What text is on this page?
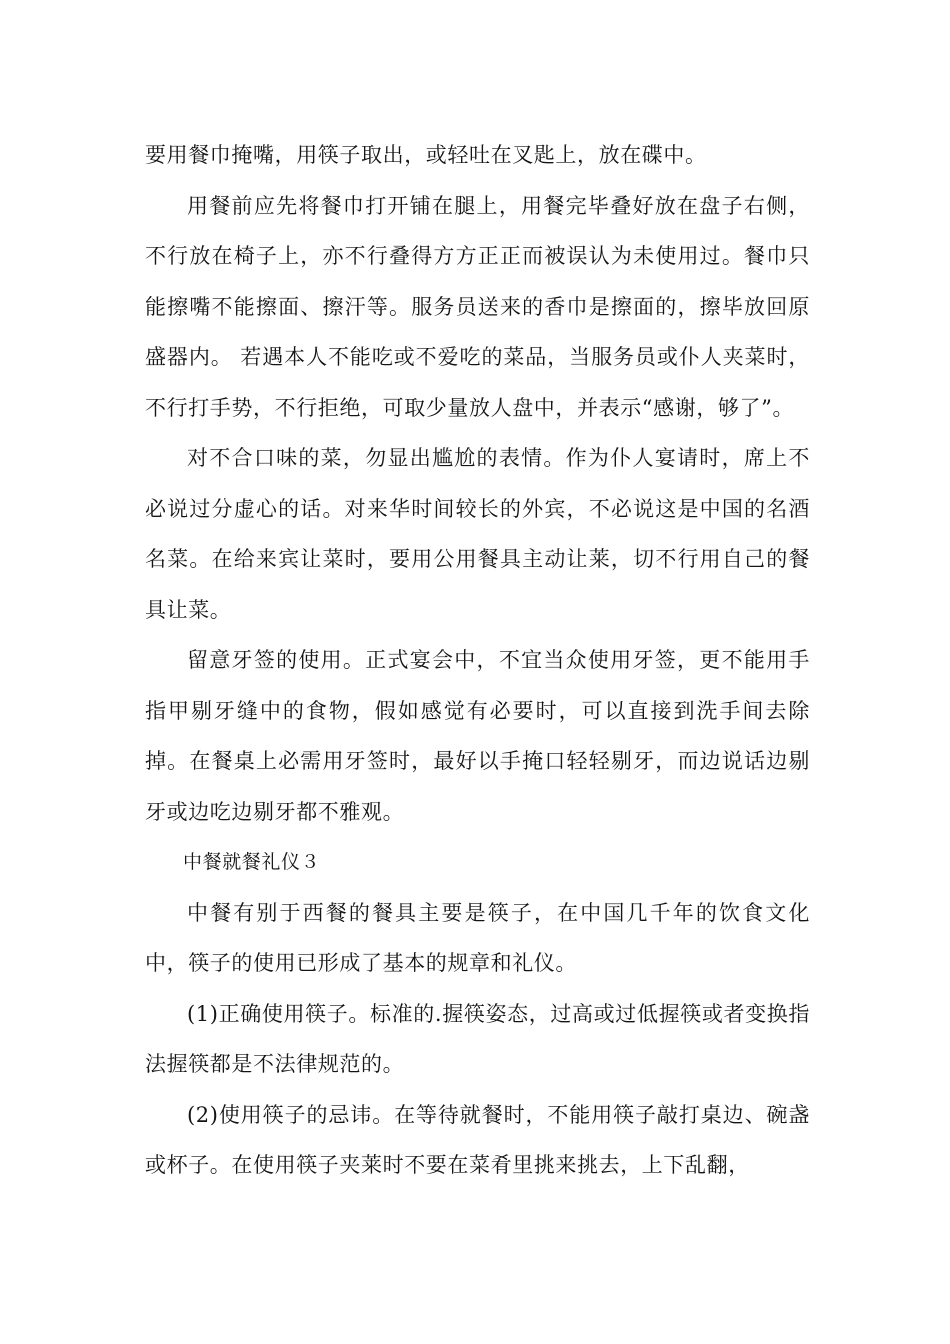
要用餐巾掩嘴，用筷子取出，或轻吐在叉匙上，放在碟中。

用餐前应先将餐巾打开铺在腿上，用餐完毕叠好放在盘子右侧，不行放在椅子上，亦不行叠得方方正正而被误认为未使用过。餐巾只能擦嘴不能擦面、擦汗等。服务员送来的香巾是擦面的，擦毕放回原盛器内。 若遇本人不能吃或不爱吃的菜品，当服务员或仆人夹菜时，不行打手势，不行拒绝，可取少量放人盘中，并表示“感谢，够了”。

对不合口味的菜，勿显出尴尬的表情。作为仆人宴请时，席上不必说过分虚心的话。对来华时间较长的外宾，不必说这是中国的名酒名菜。在给来宾让菜时，要用公用餐具主动让莱，切不行用自己的餐具让菜。

留意牙签的使用。正式宴会中，不宜当众使用牙签，更不能用手指甲剔牙缝中的食物，假如感觉有必要时，可以直接到洗手间去除掉。在餐桌上必需用牙签时，最好以手掩口轻轻剔牙，而边说话边剔牙或边吃边剔牙都不雅观。

中餐就餐礼仪３

中餐有别于西餐的餐具主要是筷子，在中国几千年的饮食文化中，筷子的使用已形成了基本的规章和礼仪。

(1)正确使用筷子。标准的.握筷姿态，过高或过低握筷或者变换指法握筷都是不法律规范的。

(2)使用筷子的忌讳。在等待就餐时，不能用筷子敲打桌边、碗盏或杯子。在使用筷子夹莱时不要在菜肴里挑来挑去，上下乱翻，
